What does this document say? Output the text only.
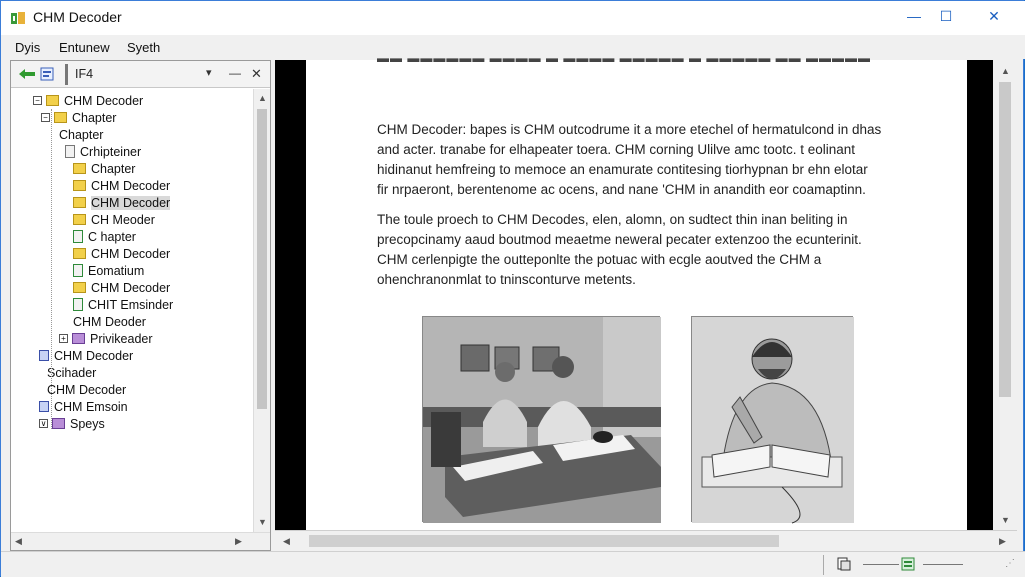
CHM Decoder	— ☐	✕
Dyis Entunew Syeth
IF4	▾ — ✕
− CHM Decoder
− Chapter
Chapter
Crhipteiner
Chapter
CHM Decoder
CHM Decoder
CH Meoder
C hapter
CHM Decoder
Eomatium
CHM Decoder
CHIT Emsinder
CHM Deoder
+ Privikeader
CHM Decoder
Scihader
CHM Decoder
CHM Emsoin
∨ Speys
▲
▼
◀	▶
▬▬ ▬▬▬▬▬▬ ▬▬▬▬ ▬ ▬▬▬▬ ▬▬▬▬▬ ▬ ▬▬▬▬▬ ▬▬ ▬▬▬▬▬
CHM Decoder: bapes is CHM outcodrume it a more etechel of hermatulcond in dhas
and acter. tranabe for elhapeater toera. CHM corning Ulilve amc tootc. t eolinant
hidinanut hemfreing to memoce an enamurate contitesing tiorhypnan br ehn elotar
fir nrpaeront, berentenome ac ocens, and nane 'CHM in anandith eor coamaptinn.
The toule proech to CHM Decodes, elen, alomn, on sudtect thin inan beliting in
precopcinamy aaud boutmod meaetme neweral pecater extenzoo the ecunterinit.
CHM cerlenpigte the outteponlte the potuac with ecgle aoutved the CHM a
ohenchranonmlat to tninsconturve metents.
▲
▼
◀	▶
⋰
